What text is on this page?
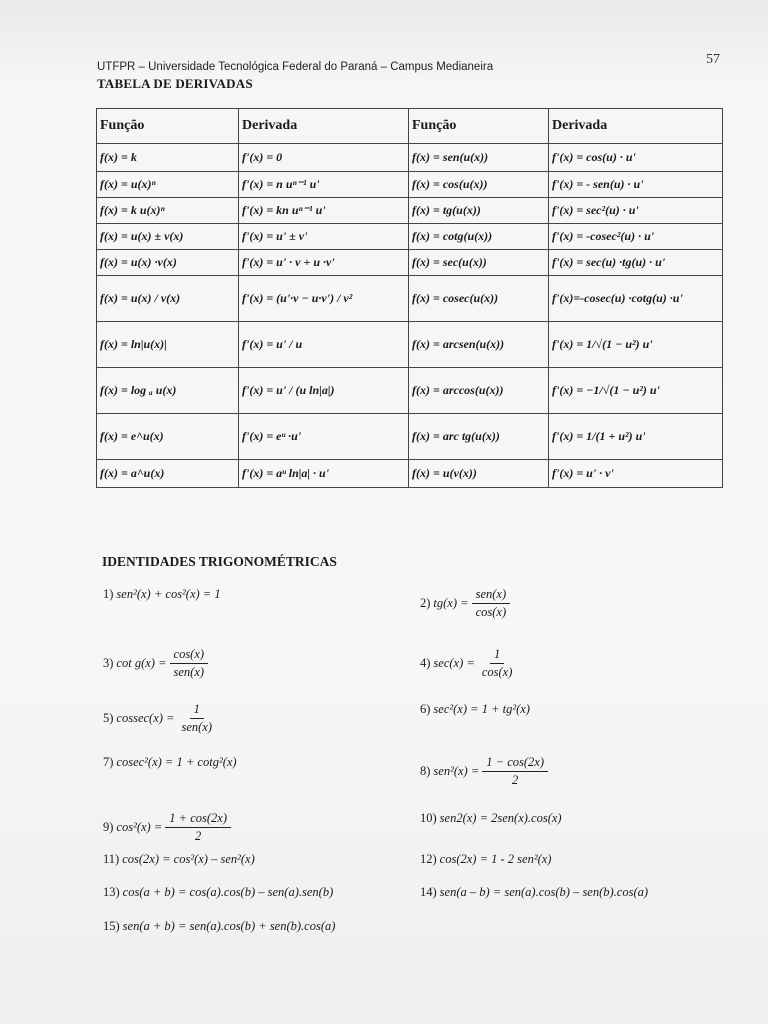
57
UTFPR – Universidade Tecnológica Federal do Paraná – Campus Medianeira
TABELA DE DERIVADAS
Função	Derivada	Função	Derivada
f(x) = k	f'(x) = 0	f(x) = sen(u(x))	f'(x) = cos(u) · u'
f(x) = u(x)ⁿ	f'(x) = n uⁿ⁻¹ u'	f(x) = cos(u(x))	f'(x) = - sen(u) · u'
f(x) = k u(x)ⁿ	f'(x) = kn uⁿ⁻¹ u'	f(x) = tg(u(x))	f'(x) = sec²(u) · u'
f(x) = u(x) ± v(x)	f'(x) = u' ± v'	f(x) = cotg(u(x))	f'(x) = -cosec²(u) · u'
f(x) = u(x) ·v(x)	f'(x) = u' · v + u ·v'	f(x) = sec(u(x))	f'(x) = sec(u) ·tg(u) · u'
f(x) = u(x) / v(x)	f'(x) = (u'·v − u·v') / v²	f(x) = cosec(u(x))	f'(x)=-cosec(u) ·cotg(u) ·u'
f(x) = ln|u(x)|	f'(x) = u' / u	f(x) = arcsen(u(x))	f'(x) = 1/√(1 − u²) u'
f(x) = log ₐ u(x)	f'(x) = u' / (u ln|a|)	f(x) = arccos(u(x))	f'(x) = −1/√(1 − u²) u'
f(x) = e^u(x)	f'(x) = eᵘ ·u'	f(x) = arc tg(u(x))	f'(x) = 1/(1 + u²) u'
f(x) = a^u(x)	f'(x) = aᵘ ln|a| · u'	f(x) = u(v(x))	f'(x) = u' · v'
IDENTIDADES TRIGONOMÉTRICAS
1) sen²(x) + cos²(x) = 1
2) $tg(x) = \frac{\text{sen(x)}}{\cos(x)}$
3) $\cot g(x) = \frac{\cos(x)}{\text{sen(x)}}$	4) $\sec(x) = \frac{1}{\cos(x)}$
5) $cossec(x) = \frac{1}{\text{sen(x)}}$	6) sec²(x) = 1 + tg²(x)
7) cosec²(x) = 1 + cotg²(x)
8) $sen^2(x) = \frac{1 - \cos(2x)}{2}$
9) $\cos^2(x) = \frac{1 + \cos(2x)}{2}$	10) sen2(x) = 2sen(x).cos(x)
11) cos(2x) = cos²(x) – sen²(x)	12) cos(2x) = 1 - 2 sen²(x)
13) cos(a + b) = cos(a).cos(b) – sen(a).sen(b)	14) sen(a – b) = sen(a).cos(b) – sen(b).cos(a)
15) sen(a + b) = sen(a).cos(b) + sen(b).cos(a)
